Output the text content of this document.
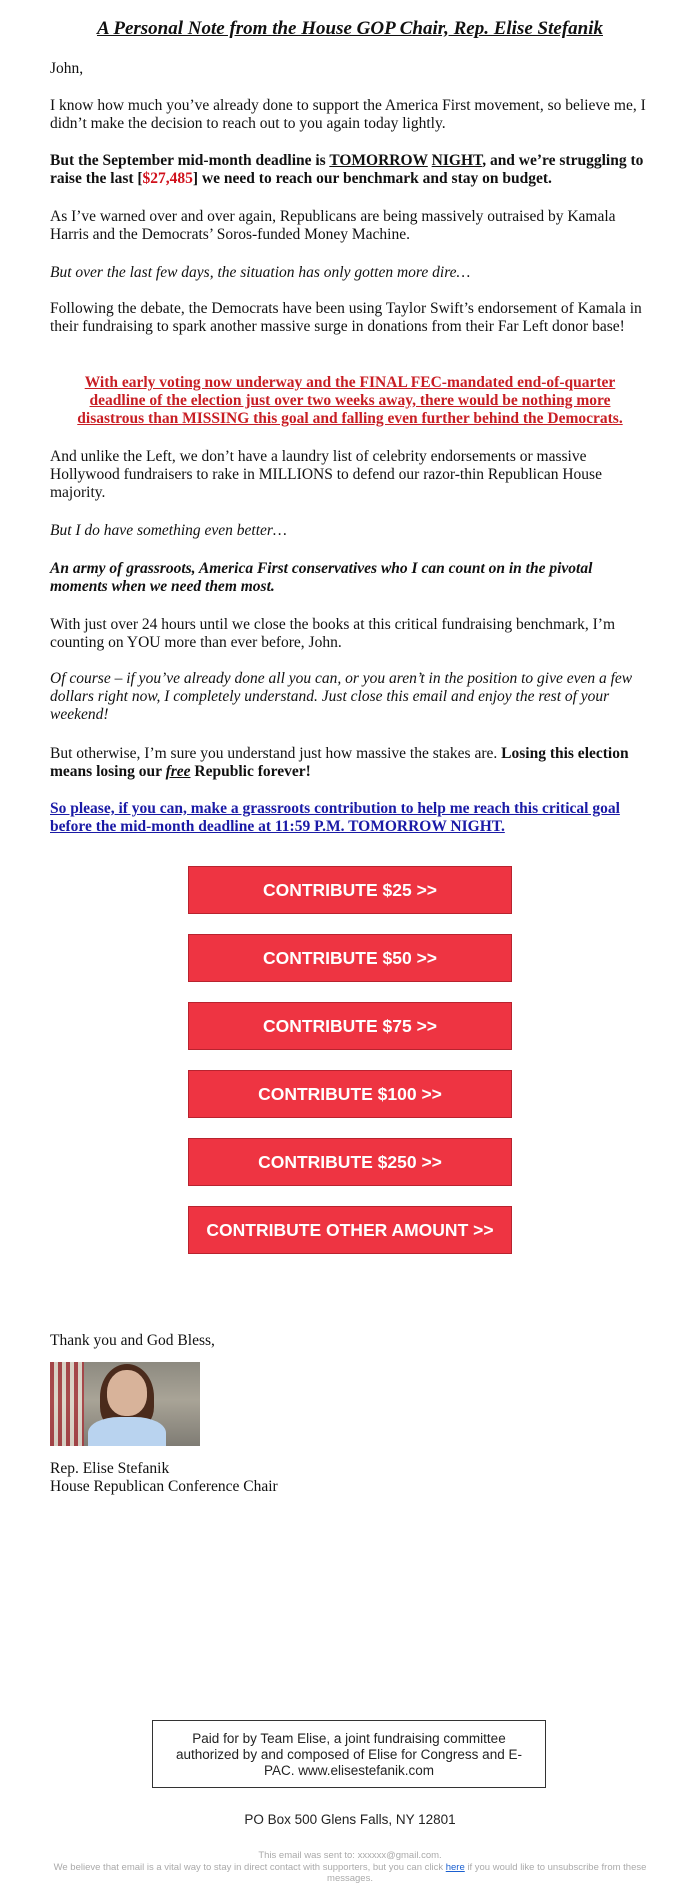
A Personal Note from the House GOP Chair, Rep. Elise Stefanik

John,

I know how much you’ve already done to support the America First movement, so believe me, I didn’t make the decision to reach out to you again today lightly.

But the September mid-month deadline is TOMORROW NIGHT, and we’re struggling to raise the last [$27,485] we need to reach our benchmark and stay on budget.

As I’ve warned over and over again, Republicans are being massively outraised by Kamala Harris and the Democrats’ Soros-funded Money Machine.

But over the last few days, the situation has only gotten more dire…

Following the debate, the Democrats have been using Taylor Swift’s endorsement of Kamala in their fundraising to spark another massive surge in donations from their Far Left donor base!

With early voting now underway and the FINAL FEC-mandated end-of-quarter deadline of the election just over two weeks away, there would be nothing more disastrous than MISSING this goal and falling even further behind the Democrats.

And unlike the Left, we don’t have a laundry list of celebrity endorsements or massive Hollywood fundraisers to rake in MILLIONS to defend our razor-thin Republican House majority.

But I do have something even better…

An army of grassroots, America First conservatives who I can count on in the pivotal moments when we need them most.

With just over 24 hours until we close the books at this critical fundraising benchmark, I’m counting on YOU more than ever before, John.

Of course – if you’ve already done all you can, or you aren’t in the position to give even a few dollars right now, I completely understand. Just close this email and enjoy the rest of your weekend!

But otherwise, I’m sure you understand just how massive the stakes are. Losing this election means losing our free Republic forever!

So please, if you can, make a grassroots contribution to help me reach this critical goal before the mid-month deadline at 11:59 P.M. TOMORROW NIGHT.

CONTRIBUTE $25 >>
CONTRIBUTE $50 >>
CONTRIBUTE $75 >>
CONTRIBUTE $100 >>
CONTRIBUTE $250 >>
CONTRIBUTE OTHER AMOUNT >>
Thank you and God Bless,
Rep. Elise Stefanik
House Republican Conference Chair
Paid for by Team Elise, a joint fundraising committee authorized by and composed of Elise for Congress and E-PAC. www.elisestefanik.com
PO Box 500 Glens Falls, NY 12801
This email was sent to: xxxxxx@gmail.com.
We believe that email is a vital way to stay in direct contact with supporters, but you can click here if you would like to unsubscribe from these messages.
